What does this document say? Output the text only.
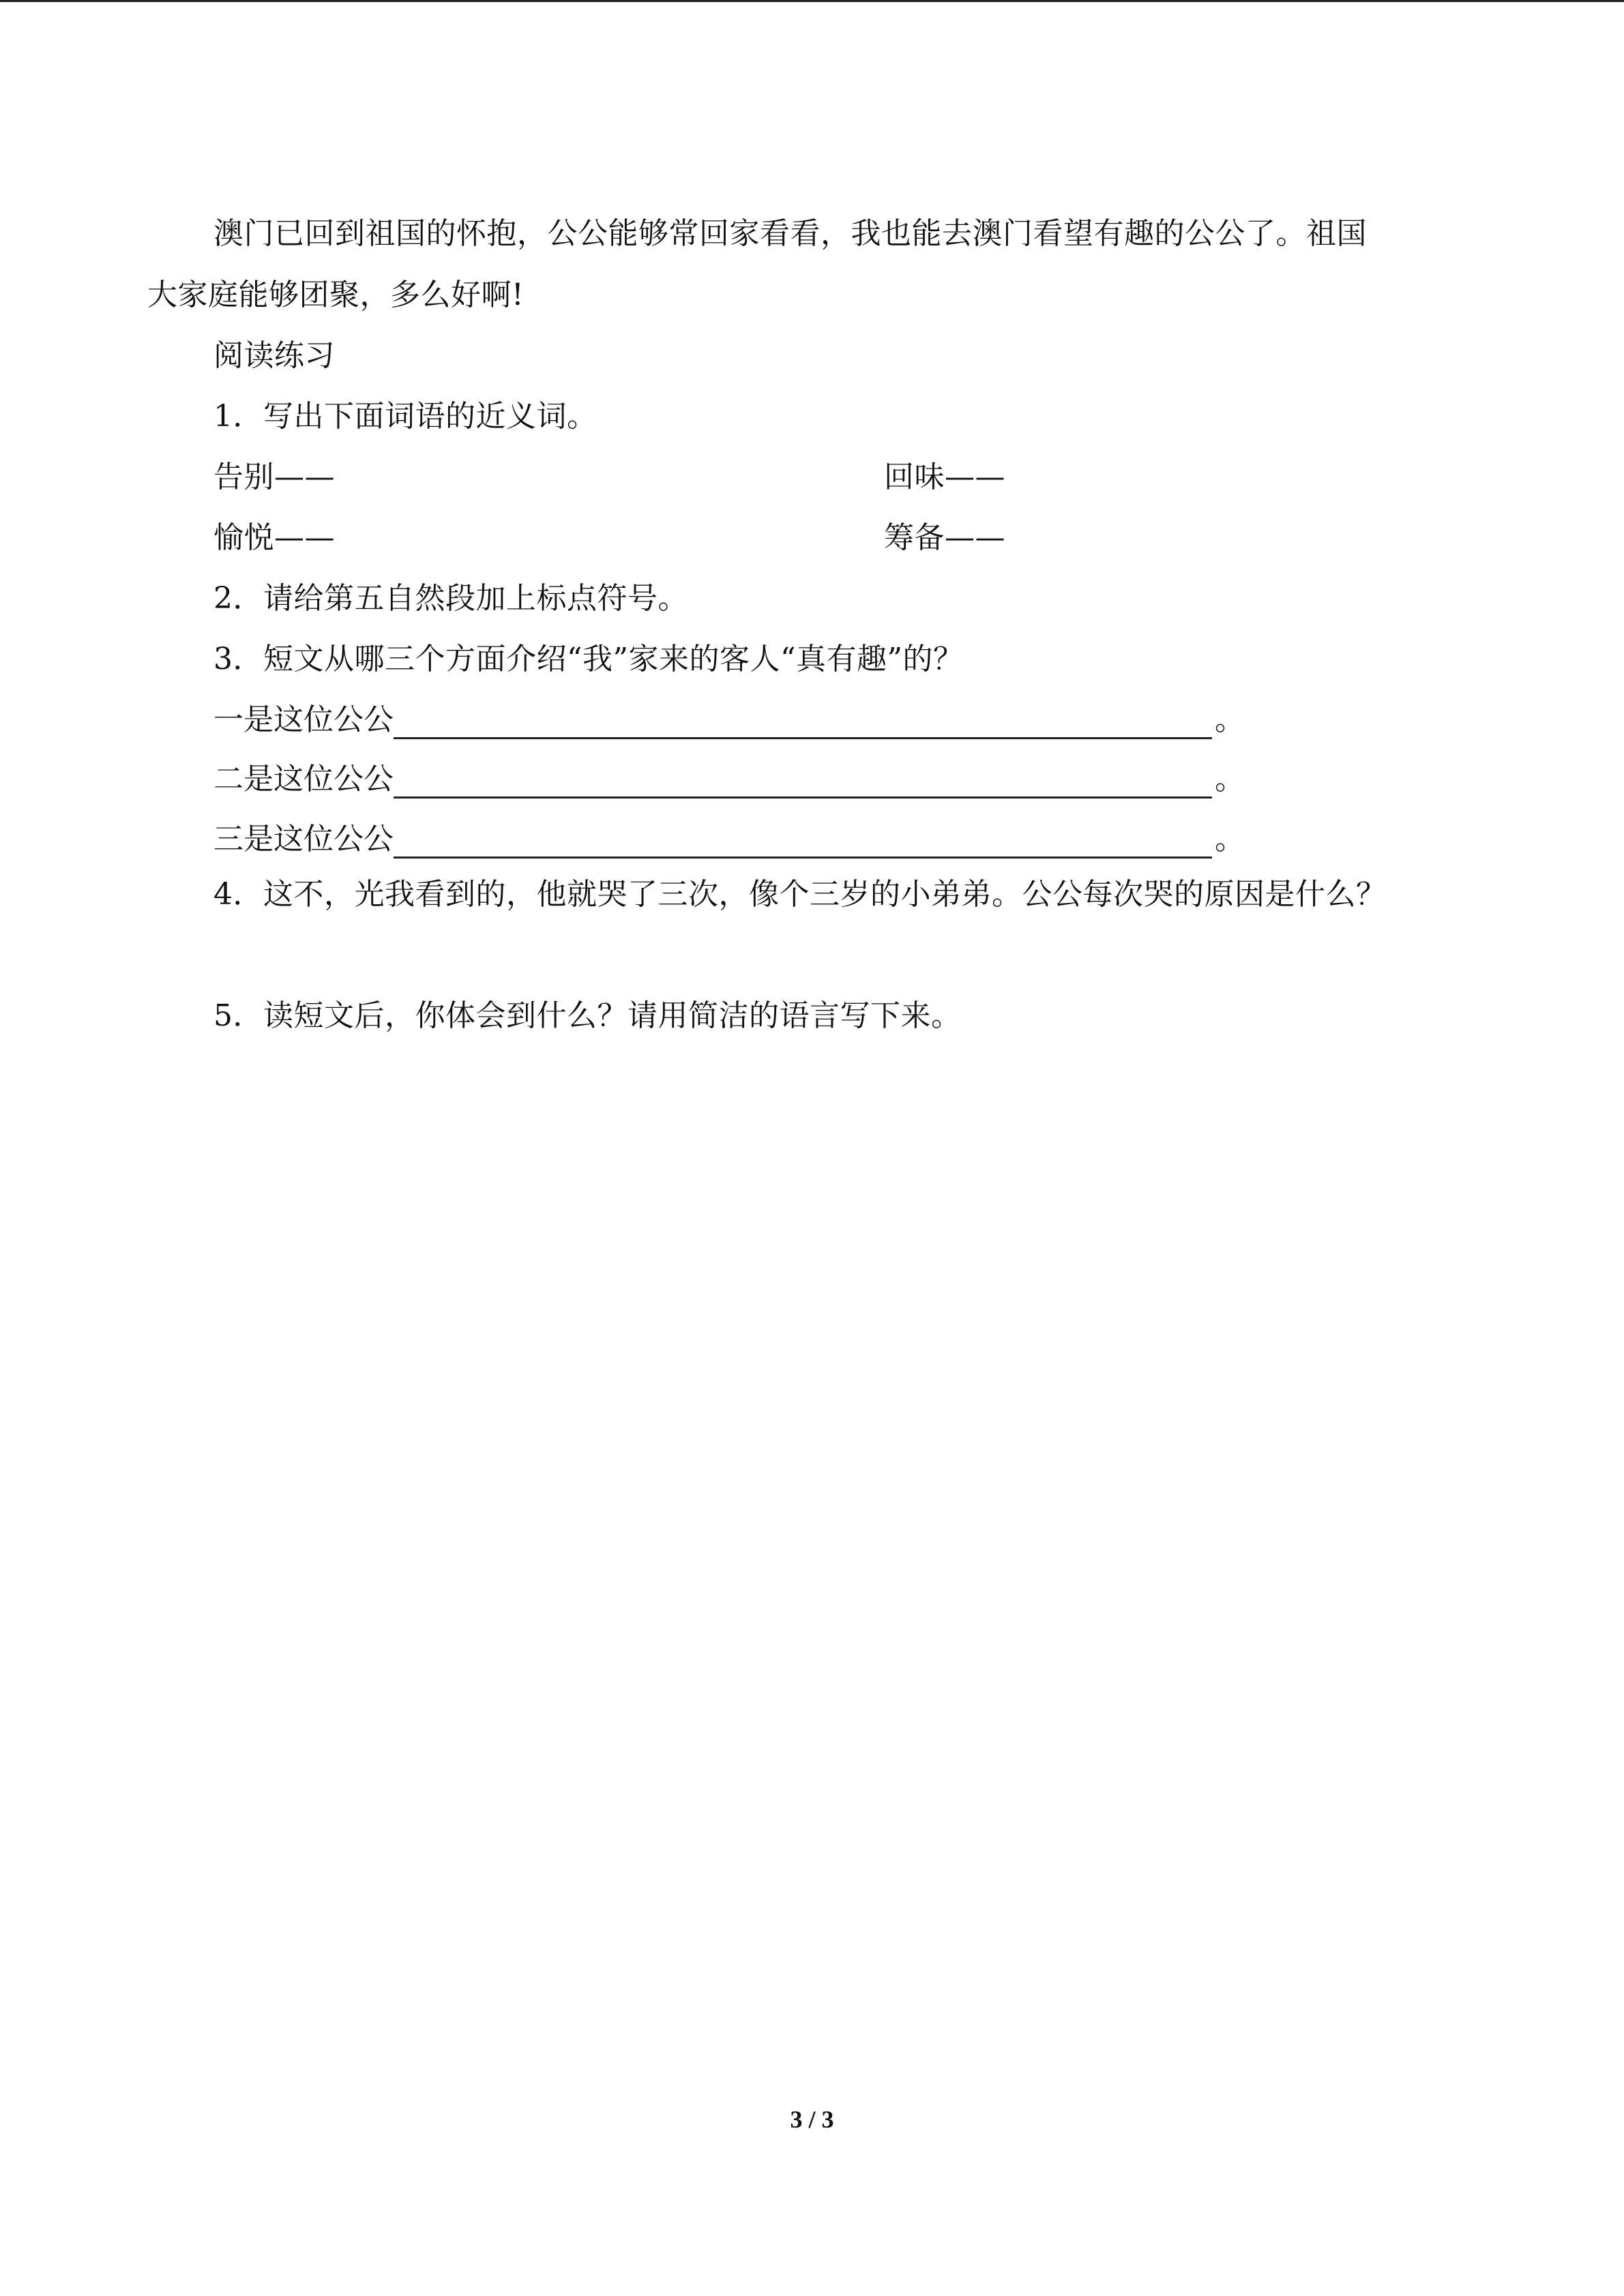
澳门已回到祖国的怀抱，公公能够常回家看看，我也能去澳门看望有趣的公公了。祖国
大家庭能够团聚，多么好啊!
阅读练习
1．写出下面词语的近义词。
告别——	回味——
愉悦——	筹备——
2．请给第五自然段加上标点符号。
3．短文从哪三个方面介绍“我”家来的客人“真有趣”的？
一是这位公公	。
二是这位公公	。
三是这位公公	。
4．这不，光我看到的，他就哭了三次，像个三岁的小弟弟。公公每次哭的原因是什么？
5．读短文后，你体会到什么？请用简洁的语言写下来。
3 / 3
